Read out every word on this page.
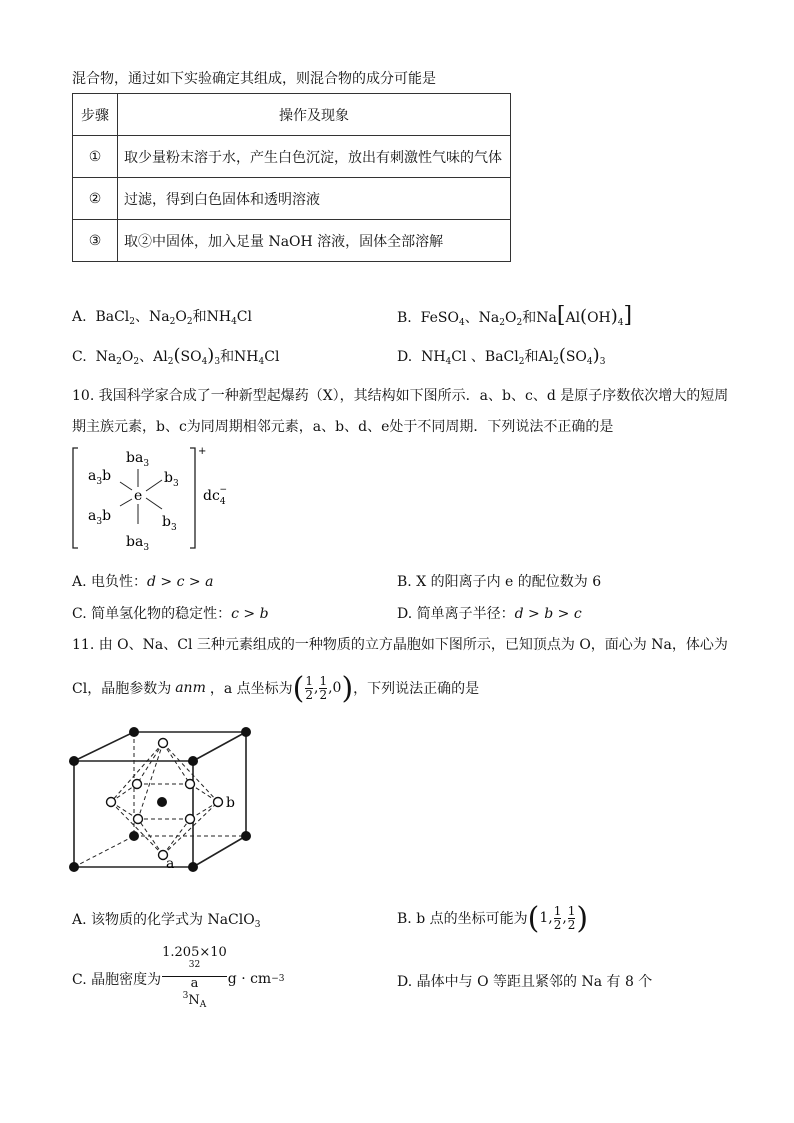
混合物，通过如下实验确定其组成，则混合物的成分可能是
步骤	操作及现象
①	取少量粉末溶于水，产生白色沉淀，放出有刺激性气味的气体
②	过滤，得到白色固体和透明溶液
③	取②中固体，加入足量 NaOH 溶液，固体全部溶解
A.  BaCl$_2$、$Na_2O_2$和$NH_4Cl$	B.  FeSO$_4$、$Na_2O_2$和$Na[Al(OH)_4]$
C.  $Na_2O_2$、$Al_2(SO_4)_3$和$NH_4Cl$	D.  $NH_4Cl$ 、BaCl$_2$和$Al_2(SO_4)_3$
10. 我国科学家合成了一种新型起爆药（X），其结构如下图所示．a、b、c、d 是原子序数依次增大的短周
期主族元素，b、c为同周期相邻元素，a、b、d、e处于不同周期．下列说法不正确的是
+
e
$ba_3$
$ba_3$
$a_3b$
$a_3b$
$b_3$
$b_3$
$dc_4-$
A. 电负性：d > c > a	B. X 的阳离子内 e 的配位数为 6
C. 简单氢化物的稳定性：c > b	D. 简单离子半径：d > b > c
11. 由 O、Na、Cl 三种元素组成的一种物质的立方晶胞如下图所示，已知顶点为 O，面心为 Na，体心为
Cl，晶胞参数为 anm ，a 点坐标为 ( $\frac{1}{2}$ , $\frac{1}{2} ,0$ ) ，下列说法正确的是
a
b
A. 该物质的化学式为 NaClO$_3$	B. b 点的坐标可能为 ( 1, $\frac{1}{2}$ , $\frac{1}{2}$ )
C. 晶胞密度为 1.205×10
$^{32}$
a
$^3N_A$ g · cm −3	D. 晶体中与 O 等距且紧邻的 Na 有 8 个
